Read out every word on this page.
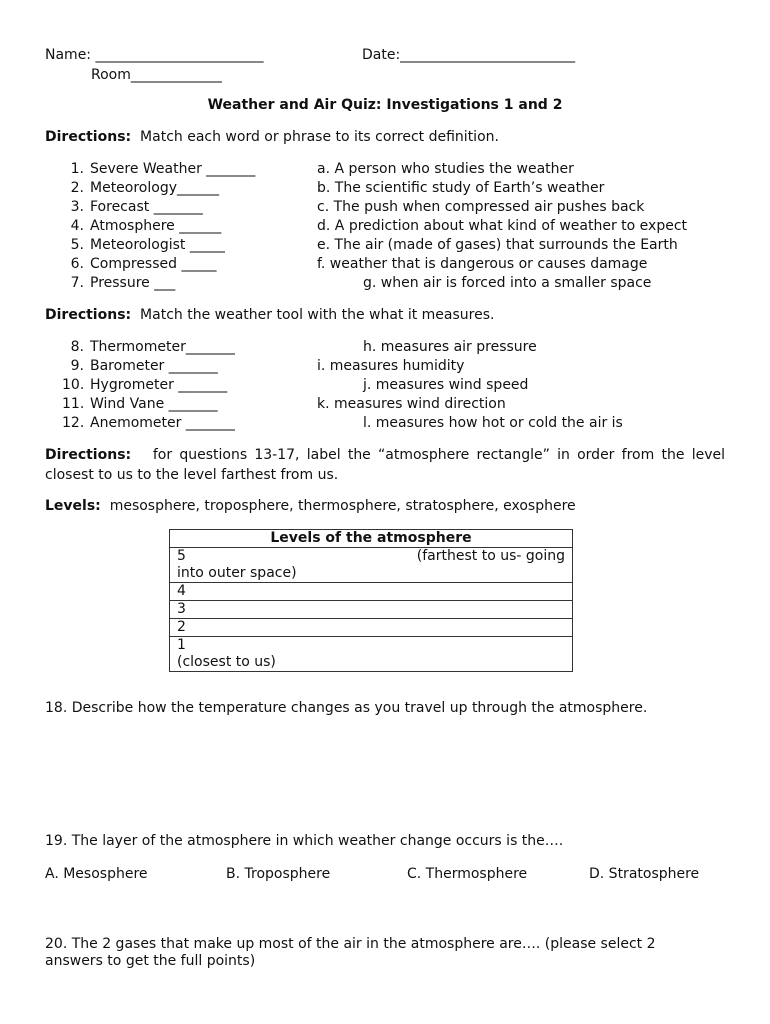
Name: ________________________	Date:_________________________
Room_____________
Weather and Air Quiz: Investigations 1 and 2
Directions: Match each word or phrase to its correct definition.
1. Severe Weather _______
2. Meteorology______
3. Forecast _______
4. Atmosphere ______
5. Meteorologist _____
6. Compressed _____
7. Pressure ___
a. A person who studies the weather
b. The scientific study of Earth’s weather
c. The push when compressed air pushes back
d. A prediction about what kind of weather to expect
e. The air (made of gases) that surrounds the Earth
f. weather that is dangerous or causes damage
g. when air is forced into a smaller space
Directions: Match the weather tool with the what it measures.
8. Thermometer_______
9. Barometer _______
10. Hygrometer _______
11. Wind Vane _______
12. Anemometer _______
h. measures air pressure
i. measures humidity
j. measures wind speed
k. measures wind direction
l. measures how hot or cold the air is
Directions: for questions 13-17, label the “atmosphere rectangle” in order from the level
closest to us to the level farthest from us.
Levels: mesosphere, troposphere, thermosphere, stratosphere, exosphere
Levels of the atmosphere
5	(farthest to us- going

into outer space)
4
3
2
1
(closest to us)
18. Describe how the temperature changes as you travel up through the atmosphere.
19. The layer of the atmosphere in which weather change occurs is the….
A. Mesosphere	B. Troposphere	C. Thermosphere	D. Stratosphere
20. The 2 gases that make up most of the air in the atmosphere are…. (please select 2
answers to get the full points)
